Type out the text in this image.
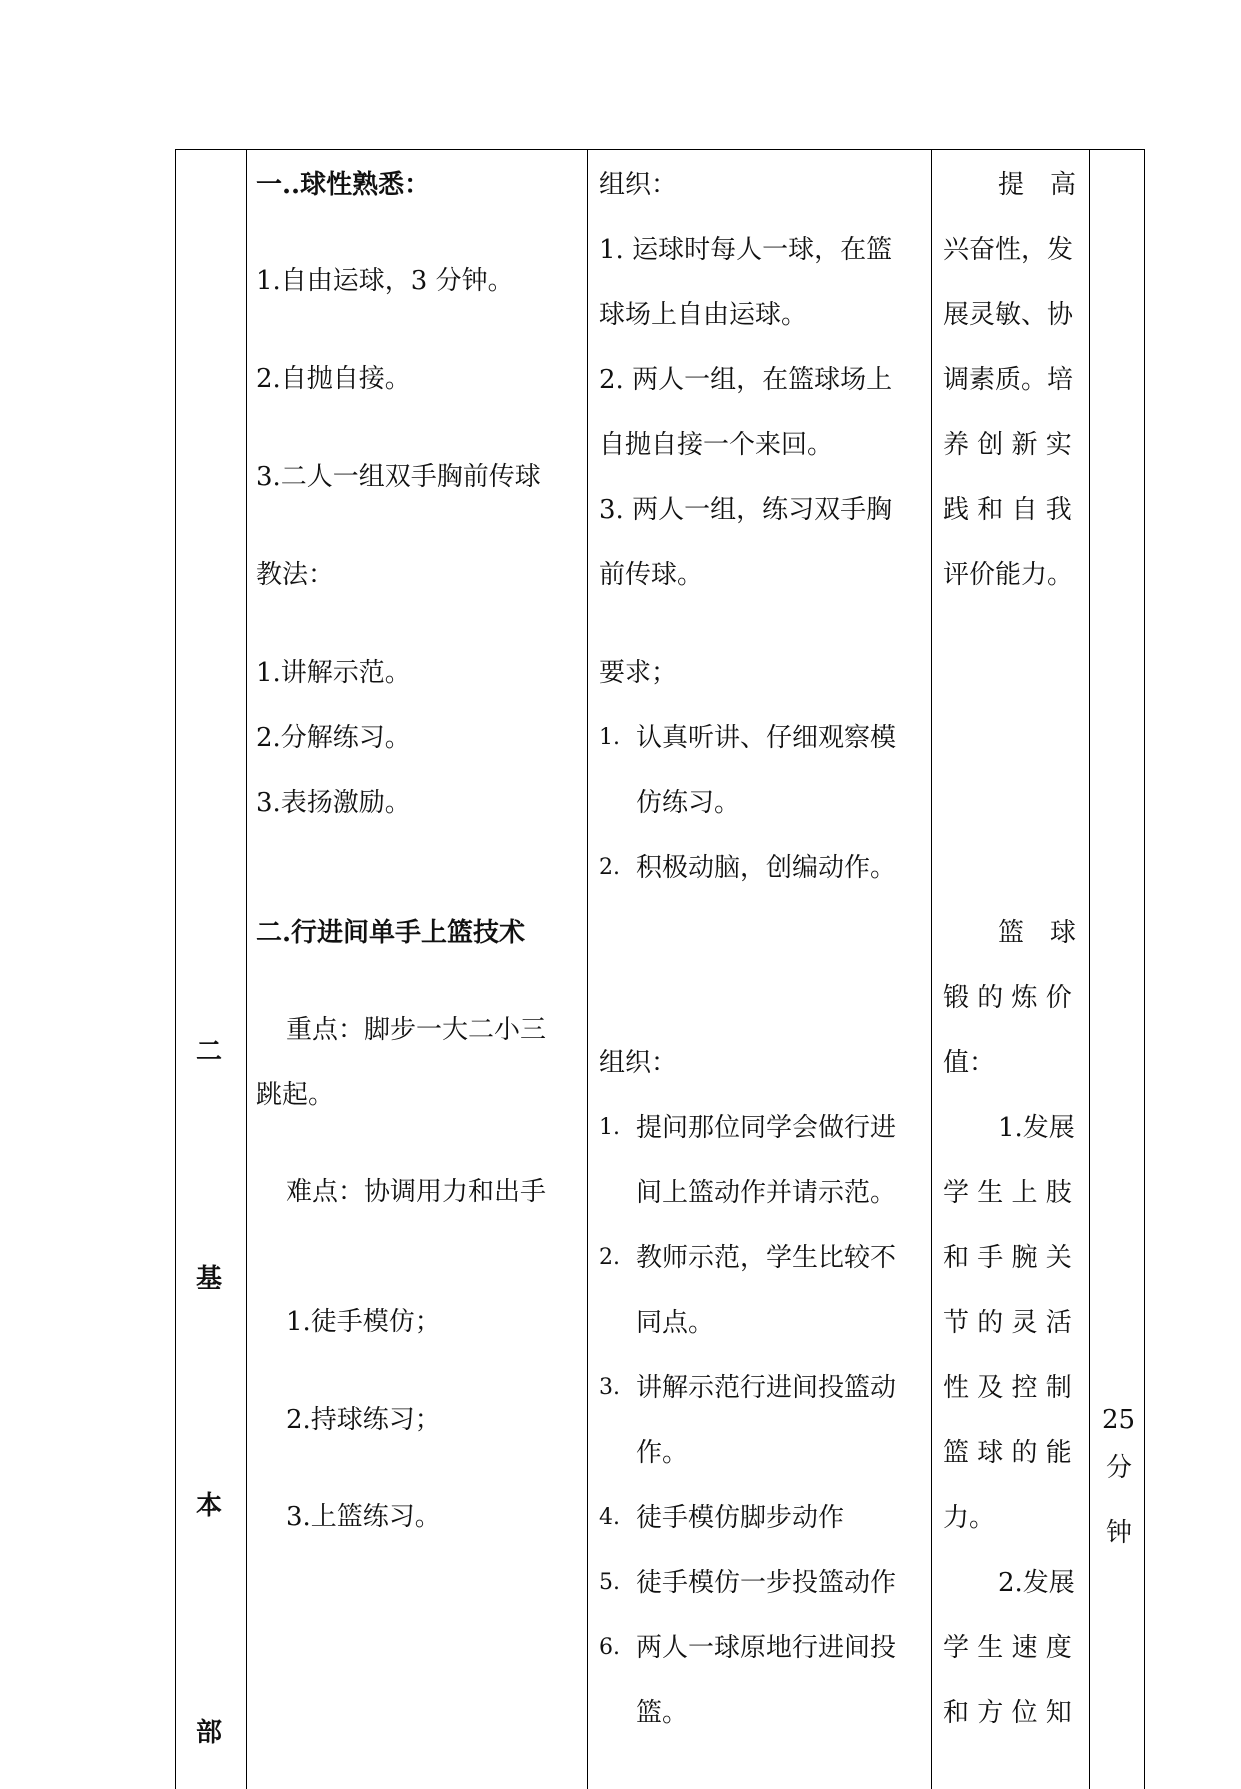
二
基
本
部
一..球性熟悉：
1.自由运球，3 分钟。
2.自抛自接。
3.二人一组双手胸前传球
教法：
1.讲解示范。
2.分解练习。
3.表扬激励。
二.行进间单手上篮技术
重点：脚步一大二小三
跳起。
难点：协调用力和出手
1.徒手模仿；
2.持球练习；
3.上篮练习。
组织：
1. 运球时每人一球，在篮
球场上自由运球。
2. 两人一组，在篮球场上
自抛自接一个来回。
3. 两人一组，练习双手胸
前传球。
要求；
1. 认真听讲、仔细观察模
仿练习。
2. 积极动脑，创编动作。
组织：
1. 提问那位同学会做行进
间上篮动作并请示范。
2. 教师示范，学生比较不
同点。
3. 讲解示范行进间投篮动
作。
4. 徒手模仿脚步动作
5. 徒手模仿一步投篮动作
6. 两人一球原地行进间投
篮。
提　高
兴奋性，发
展灵敏、协
调素质。培
养 创 新 实
践 和 自 我
评价能力。
篮　球
锻 的 炼 价
值：
1.发展
学 生 上 肢
和 手 腕 关
节 的 灵 活
性 及 控 制
篮 球 的 能
力。
2.发展
学 生 速 度
和 方 位 知
25
分
钟
